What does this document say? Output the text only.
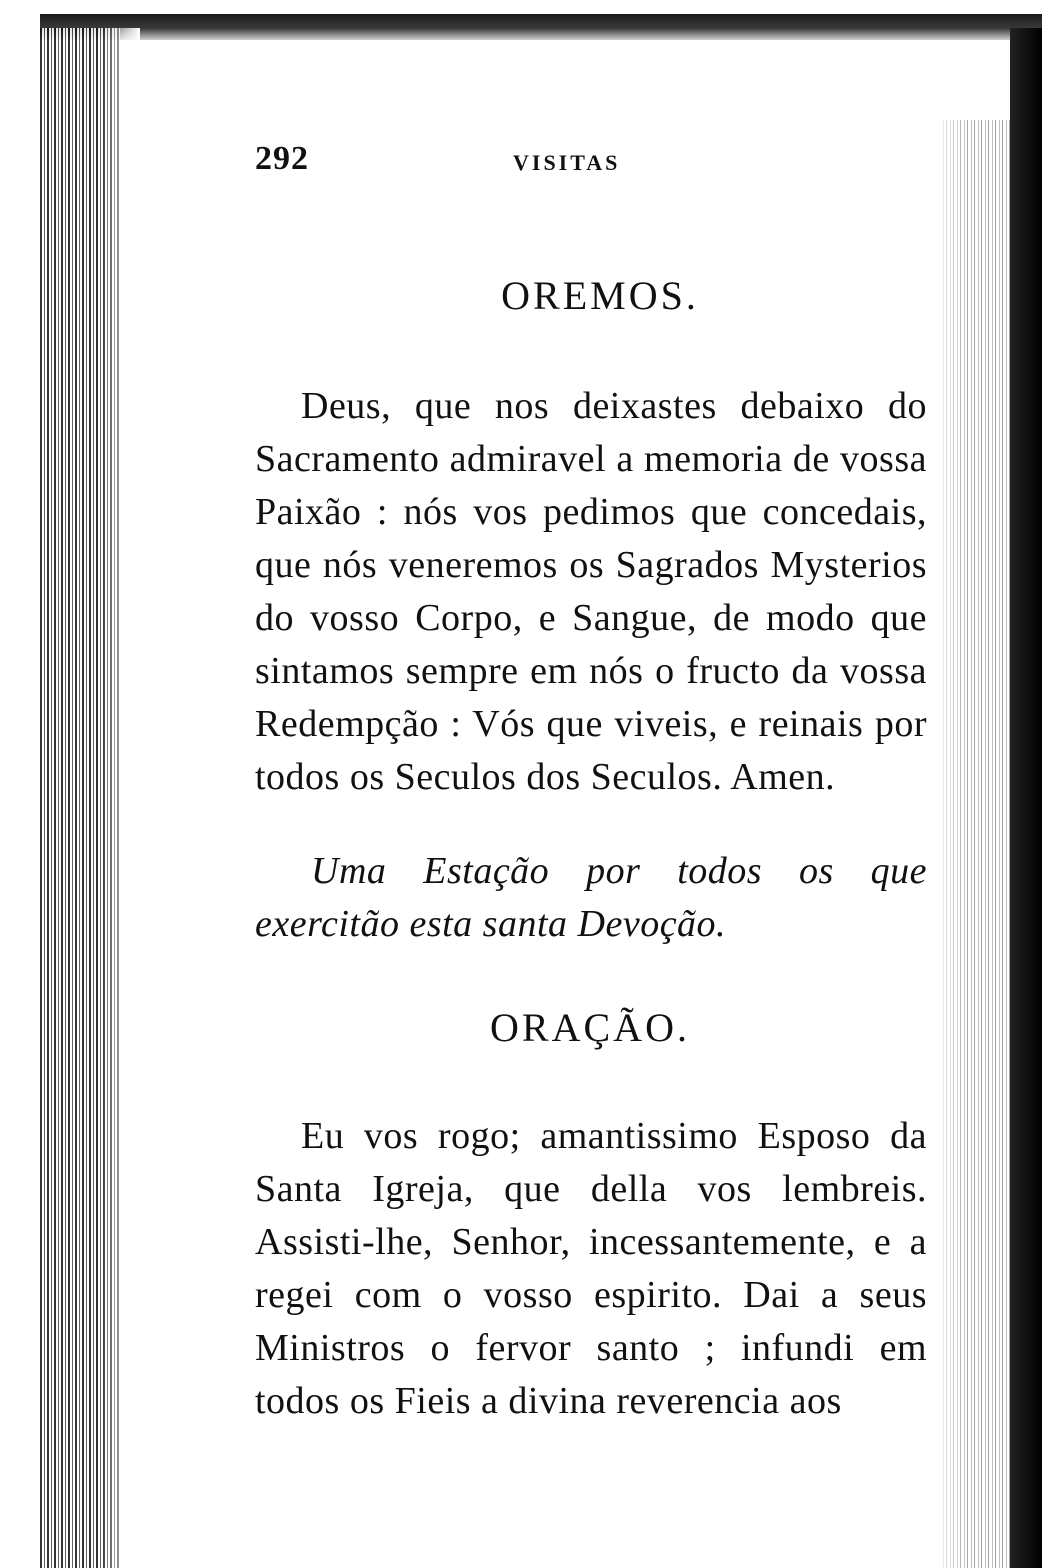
292	VISITAS
OREMOS.

Deus, que nos deixastes debaixo do Sacramento admiravel a memoria de vossa Paixão : nós vos pedimos que concedais, que nós veneremos os Sagrados Mysterios do vosso Corpo, e Sangue, de modo que sintamos sempre em nós o fructo da vossa Redempção : Vós que viveis, e reinais por todos os Seculos dos Seculos. Amen.

Uma Estação por todos os que exercitão esta santa Devoção.

ORAÇÃO.

Eu vos rogo; amantissimo Esposo da Santa Igreja, que della vos lembreis. Assisti-lhe, Senhor, incessantemente, e a regei com o vosso espirito. Dai a seus Ministros o fervor santo ; infundi em todos os Fieis a divina reverencia aos
